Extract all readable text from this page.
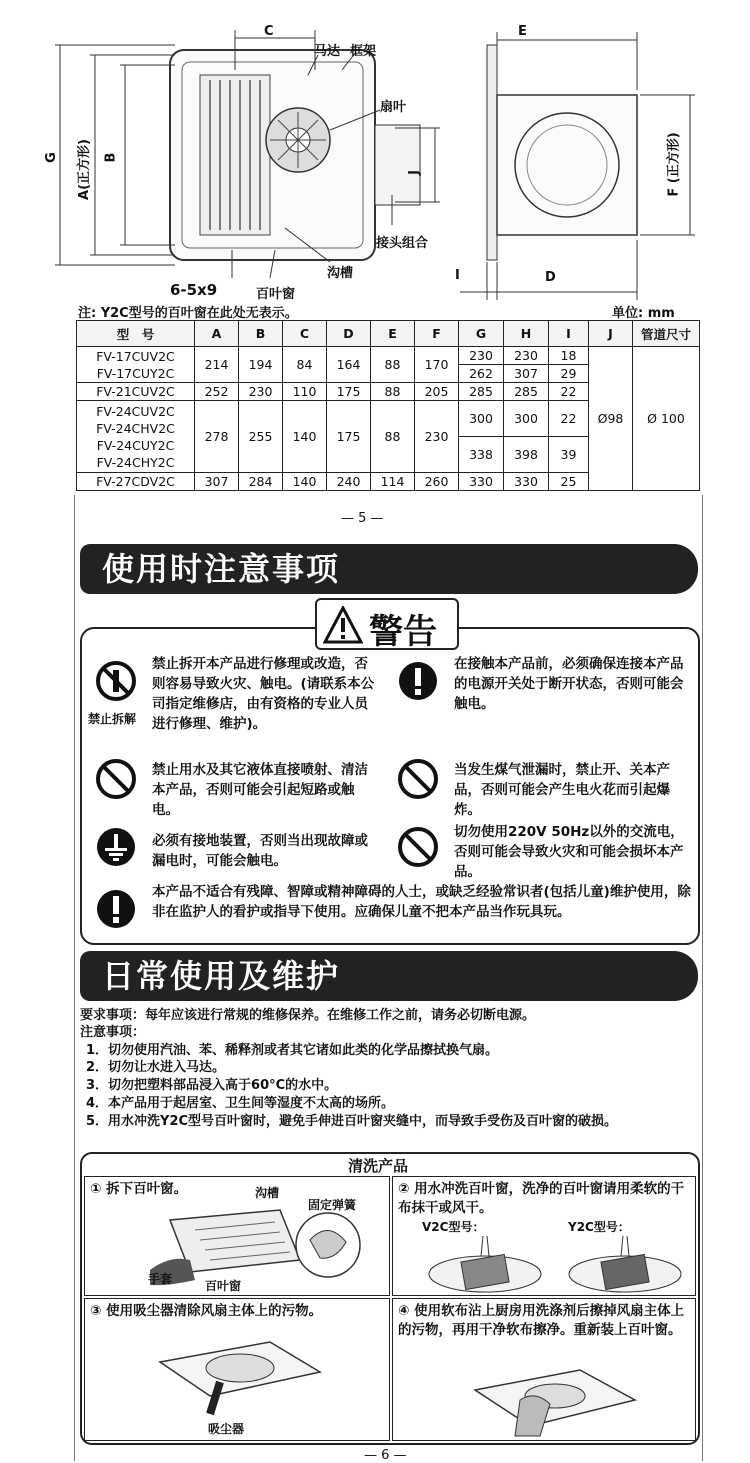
C
马达 框架
扇叶
G	A(正方形) B
J
接头组合
沟槽
6-5x9	百叶窗
E
F (正方形)
I	D
注: Y2C型号的百叶窗在此处无表示。	单位: mm
型　号	A	B	C	D	E	F	G	H	I	J	管道尺寸
FV-17CUV2C
FV-17CUY2C	214	194	84	164	88	170	230	230	18	Ø98	Ø 100
							262	307	29		
FV-21CUV2C	252	230	110	175	88	205	285	285	22		
FV-24CUV2C
FV-24CHV2C
FV-24CUY2C
FV-24CHY2C	278	255	140	175	88	230	300	300	22		
							338	398	39		
FV-27CDV2C	307	284	140	240	114	260	330	330	25		
— 5 —
使用时注意事项
警告
禁止拆解
禁止拆开本产品进行修理或改造，否则容易导致火灾、触电。(请联系本公司指定维修店，由有资格的专业人员进行修理、维护)。
在接触本产品前，必须确保连接本产品的电源开关处于断开状态，否则可能会触电。
禁止用水及其它液体直接喷射、清洁本产品，否则可能会引起短路或触电。
当发生煤气泄漏时，禁止开、关本产品，否则可能会产生电火花而引起爆炸。
必须有接地装置，否则当出现故障或漏电时，可能会触电。
切勿使用220V 50Hz以外的交流电，否则可能会导致火灾和可能会损坏本产品。
本产品不适合有残障、智障或精神障碍的人士，或缺乏经验常识者(包括儿童)维护使用，除非在监护人的看护或指导下使用。应确保儿童不把本产品当作玩具玩。
日常使用及维护
要求事项：每年应该进行常规的维修保养。在维修工作之前，请务必切断电源。
注意事项：
1．切勿使用汽油、苯、稀释剂或者其它诸如此类的化学品擦拭换气扇。
2．切勿让水进入马达。
3．切勿把塑料部品浸入高于60°C的水中。
4．本产品用于起居室、卫生间等湿度不太高的场所。
5．用水冲洗Y2C型号百叶窗时，避免手伸进百叶窗夹缝中，而导致手受伤及百叶窗的破损。
清洗产品
① 拆下百叶窗。	沟槽
固定弹簧
手套	百叶窗
② 用水冲洗百叶窗，洗净的百叶窗请用柔软的干布抹干或风干。
V2C型号：	Y2C型号：
③ 使用吸尘器清除风扇主体上的污物。
吸尘器
④ 使用软布沾上厨房用洗涤剂后擦掉风扇主体上的污物，再用干净软布擦净。重新装上百叶窗。
— 6 —
